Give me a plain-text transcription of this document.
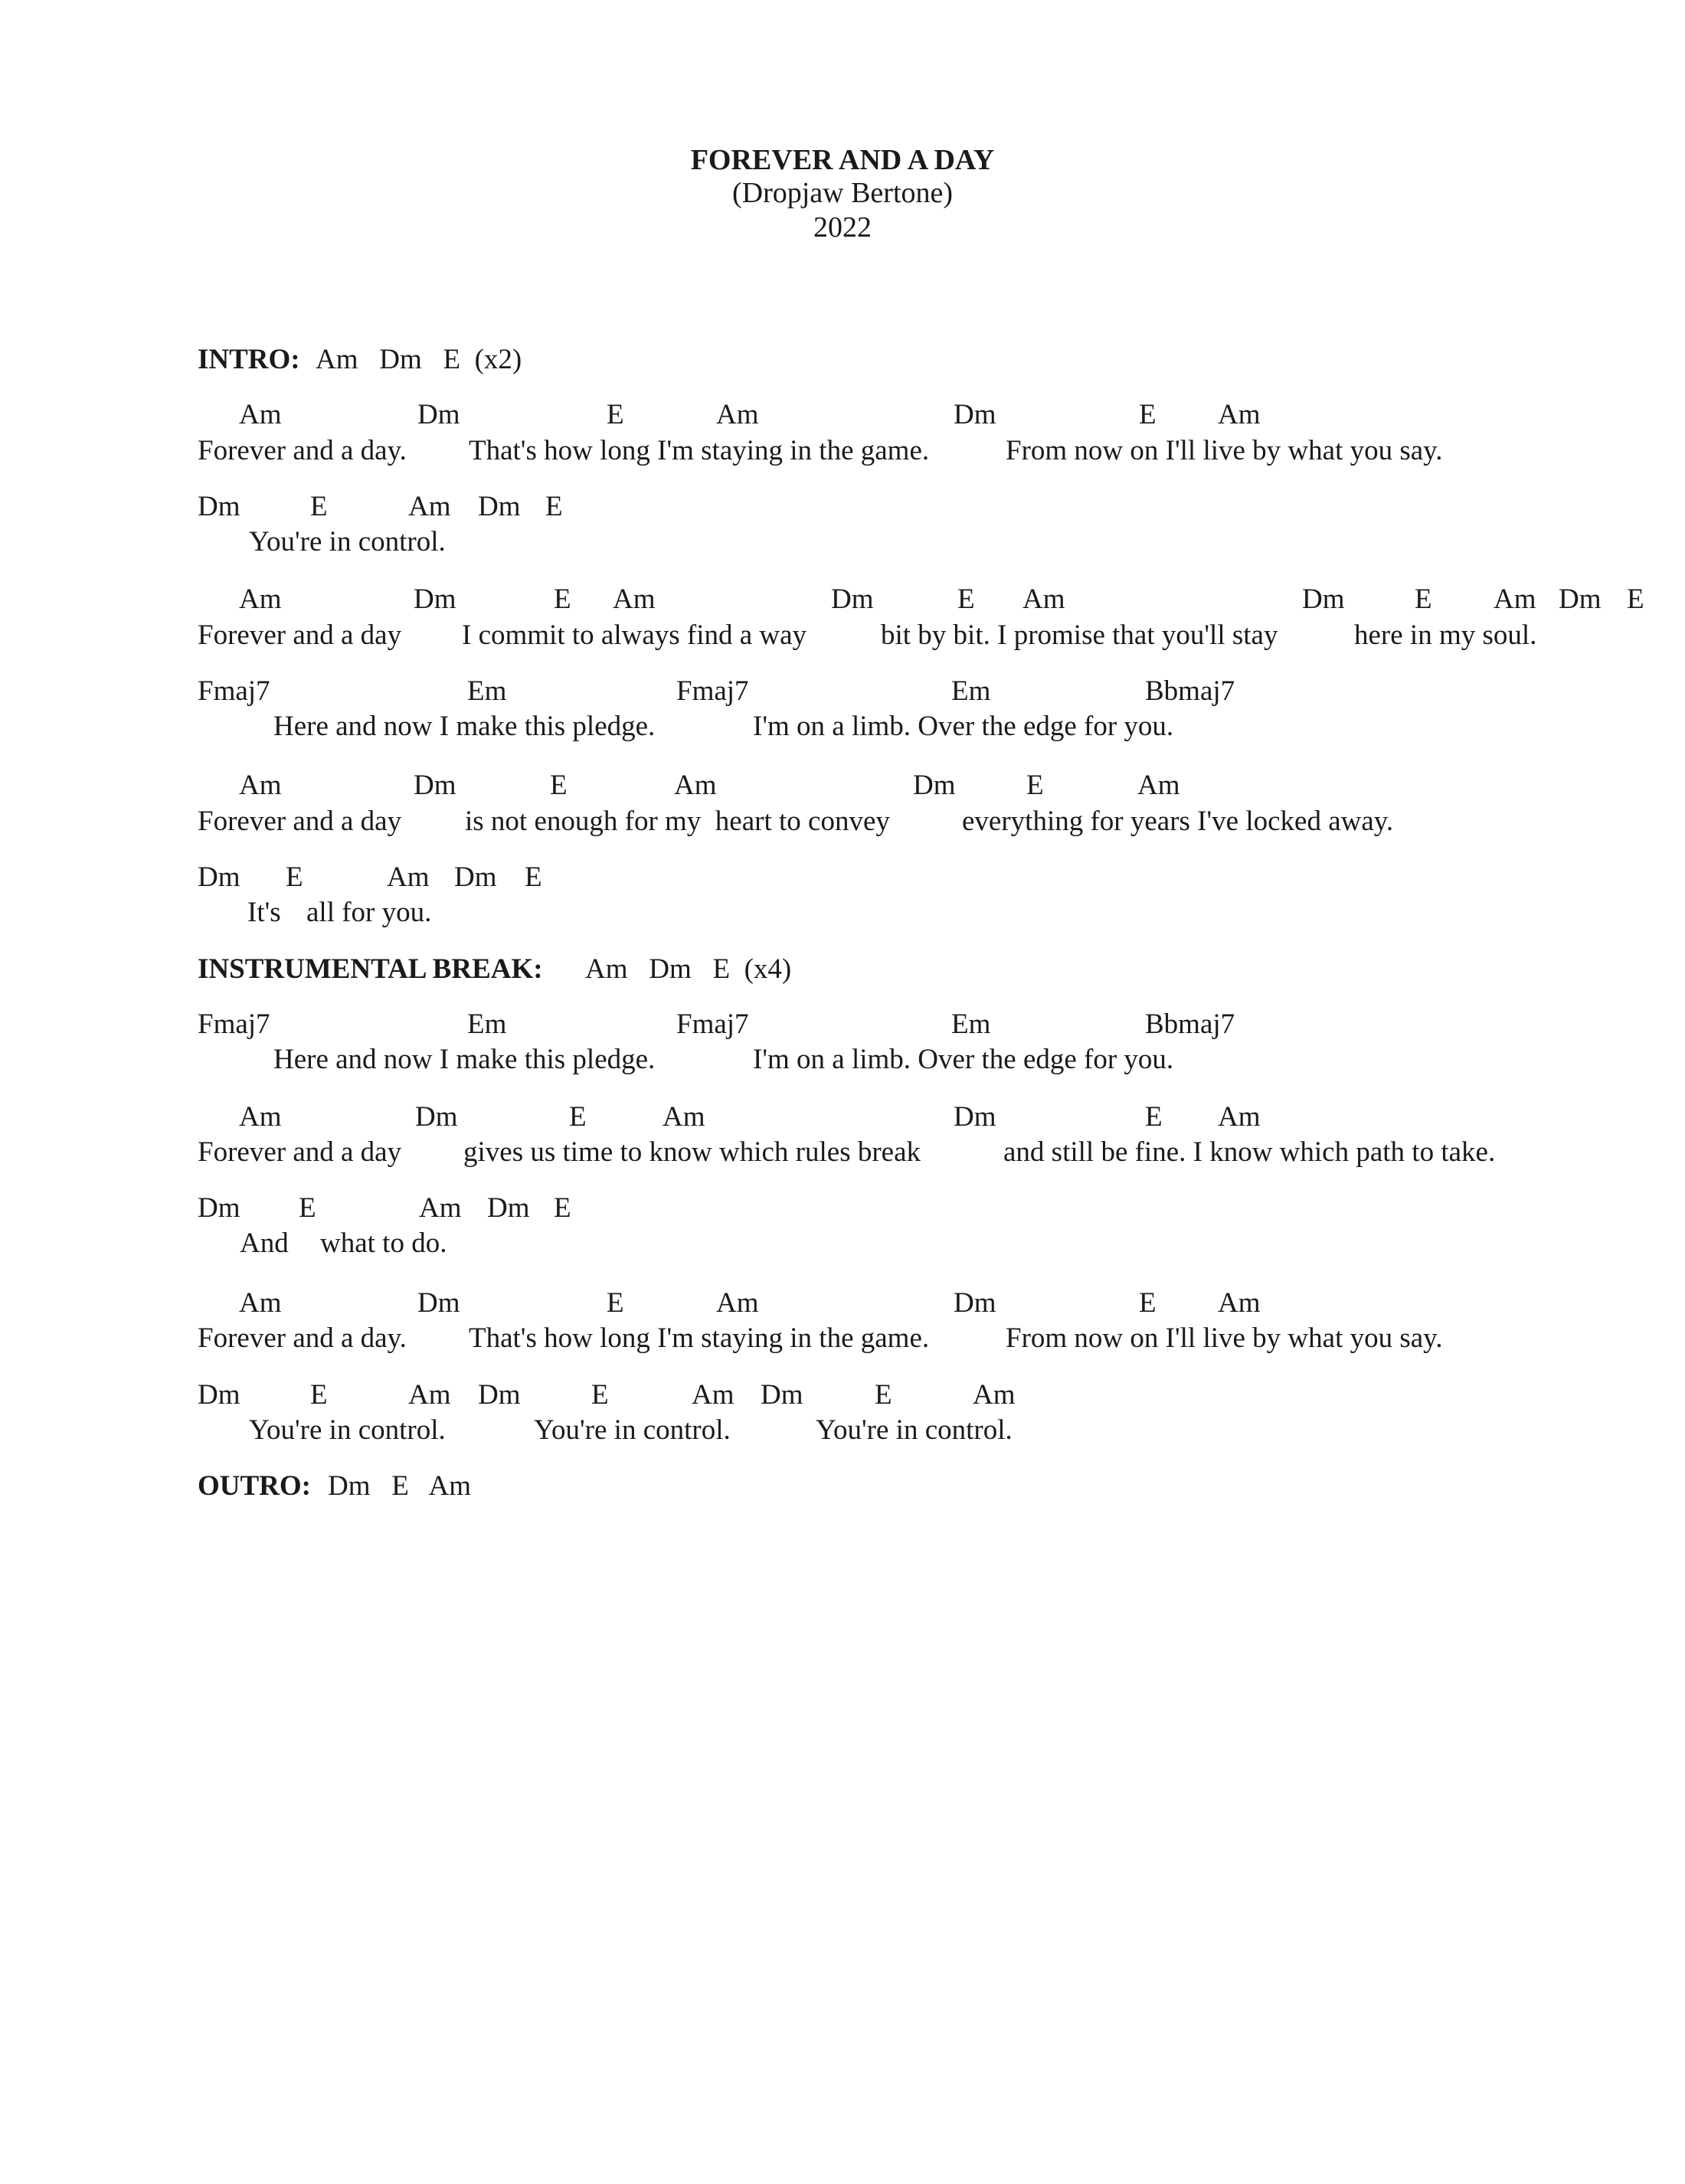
FOREVER AND A DAY
(Dropjaw Bertone)
2022
INTRO: Am   Dm   E  (x2)
Am	Dm	E	Am	Dm	E Am
Forever and a day. That's how long I'm staying in the game.	From now on I'll live by what you say.
Dm E	Am Dm E
You're in control.
Am	Dm	E Am	Dm	E Am	Dm E Am Dm E
Forever and a day I commit to always find a way	bit by bit. I promise that you'll stay	here in my soul.
Fmaj7	Em	Fmaj7	Em	Bbmaj7
Here and now I make this pledge.	I'm on a limb. Over the edge for you.
Am	Dm	E	Am	Dm	E	Am
Forever and a day is not enough for my  heart to convey	everything for years I've locked away.
Dm E	Am Dm E
It's all for you.
INSTRUMENTAL BREAK: Am   Dm   E  (x4)
Fmaj7	Em	Fmaj7	Em	Bbmaj7
Here and now I make this pledge.	I'm on a limb. Over the edge for you.
Am	Dm	E	Am	Dm	E Am
Forever and a day gives us time to know which rules break	and still be fine. I know which path to take.
Dm E	Am Dm E
And what to do.
Am	Dm	E	Am	Dm	E Am
Forever and a day. That's how long I'm staying in the game.	From now on I'll live by what you say.
Dm E	Am Dm	E	Am Dm	E	Am
You're in control.	You're in control.	You're in control.
OUTRO: Dm   E   Am
